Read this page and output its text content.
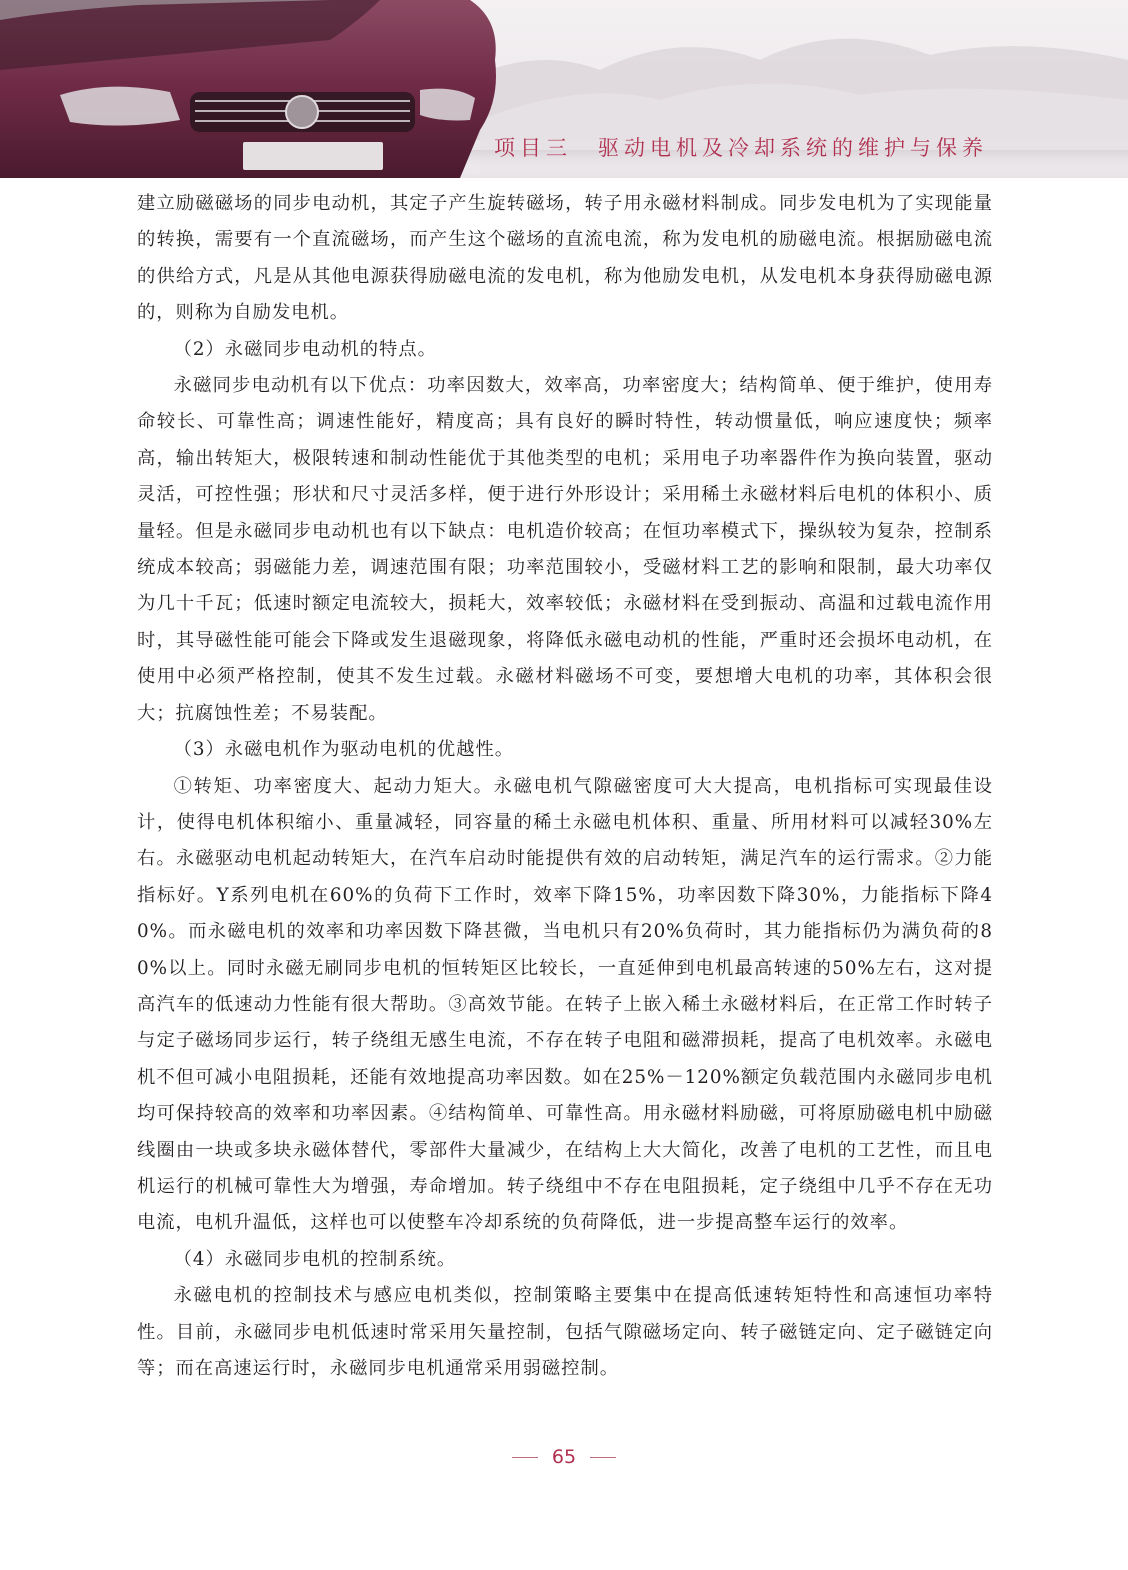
项目三　驱动电机及冷却系统的维护与保养

建立励磁磁场的同步电动机，其定子产生旋转磁场，转子用永磁材料制成。同步发电机为了实现能量的转换，需要有一个直流磁场，而产生这个磁场的直流电流，称为发电机的励磁电流。根据励磁电流的供给方式，凡是从其他电源获得励磁电流的发电机，称为他励发电机，从发电机本身获得励磁电源的，则称为自励发电机。

（2）永磁同步电动机的特点。

永磁同步电动机有以下优点：功率因数大，效率高，功率密度大；结构简单、便于维护，使用寿命较长、可靠性高；调速性能好，精度高；具有良好的瞬时特性，转动惯量低，响应速度快；频率高，输出转矩大，极限转速和制动性能优于其他类型的电机；采用电子功率器件作为换向装置，驱动灵活，可控性强；形状和尺寸灵活多样，便于进行外形设计；采用稀土永磁材料后电机的体积小、质量轻。但是永磁同步电动机也有以下缺点：电机造价较高；在恒功率模式下，操纵较为复杂，控制系统成本较高；弱磁能力差，调速范围有限；功率范围较小，受磁材料工艺的影响和限制，最大功率仅为几十千瓦；低速时额定电流较大，损耗大，效率较低；永磁材料在受到振动、高温和过载电流作用时，其导磁性能可能会下降或发生退磁现象，将降低永磁电动机的性能，严重时还会损坏电动机，在使用中必须严格控制，使其不发生过载。永磁材料磁场不可变，要想增大电机的功率，其体积会很大；抗腐蚀性差；不易装配。

（3）永磁电机作为驱动电机的优越性。

①转矩、功率密度大、起动力矩大。永磁电机气隙磁密度可大大提高，电机指标可实现最佳设计，使得电机体积缩小、重量减轻，同容量的稀土永磁电机体积、重量、所用材料可以减轻30%左右。永磁驱动电机起动转矩大，在汽车启动时能提供有效的启动转矩，满足汽车的运行需求。②力能指标好。Y系列电机在60%的负荷下工作时，效率下降15%，功率因数下降30%，力能指标下降40%。而永磁电机的效率和功率因数下降甚微，当电机只有20%负荷时，其力能指标仍为满负荷的80%以上。同时永磁无刷同步电机的恒转矩区比较长，一直延伸到电机最高转速的50%左右，这对提高汽车的低速动力性能有很大帮助。③高效节能。在转子上嵌入稀土永磁材料后，在正常工作时转子与定子磁场同步运行，转子绕组无感生电流，不存在转子电阻和磁滞损耗，提高了电机效率。永磁电机不但可减小电阻损耗，还能有效地提高功率因数。如在25%－120%额定负载范围内永磁同步电机均可保持较高的效率和功率因素。④结构简单、可靠性高。用永磁材料励磁，可将原励磁电机中励磁线圈由一块或多块永磁体替代，零部件大量减少，在结构上大大简化，改善了电机的工艺性，而且电机运行的机械可靠性大为增强，寿命增加。转子绕组中不存在电阻损耗，定子绕组中几乎不存在无功电流，电机升温低，这样也可以使整车冷却系统的负荷降低，进一步提高整车运行的效率。

（4）永磁同步电机的控制系统。

永磁电机的控制技术与感应电机类似，控制策略主要集中在提高低速转矩特性和高速恒功率特性。目前，永磁同步电机低速时常采用矢量控制，包括气隙磁场定向、转子磁链定向、定子磁链定向等；而在高速运行时，永磁同步电机通常采用弱磁控制。

65
